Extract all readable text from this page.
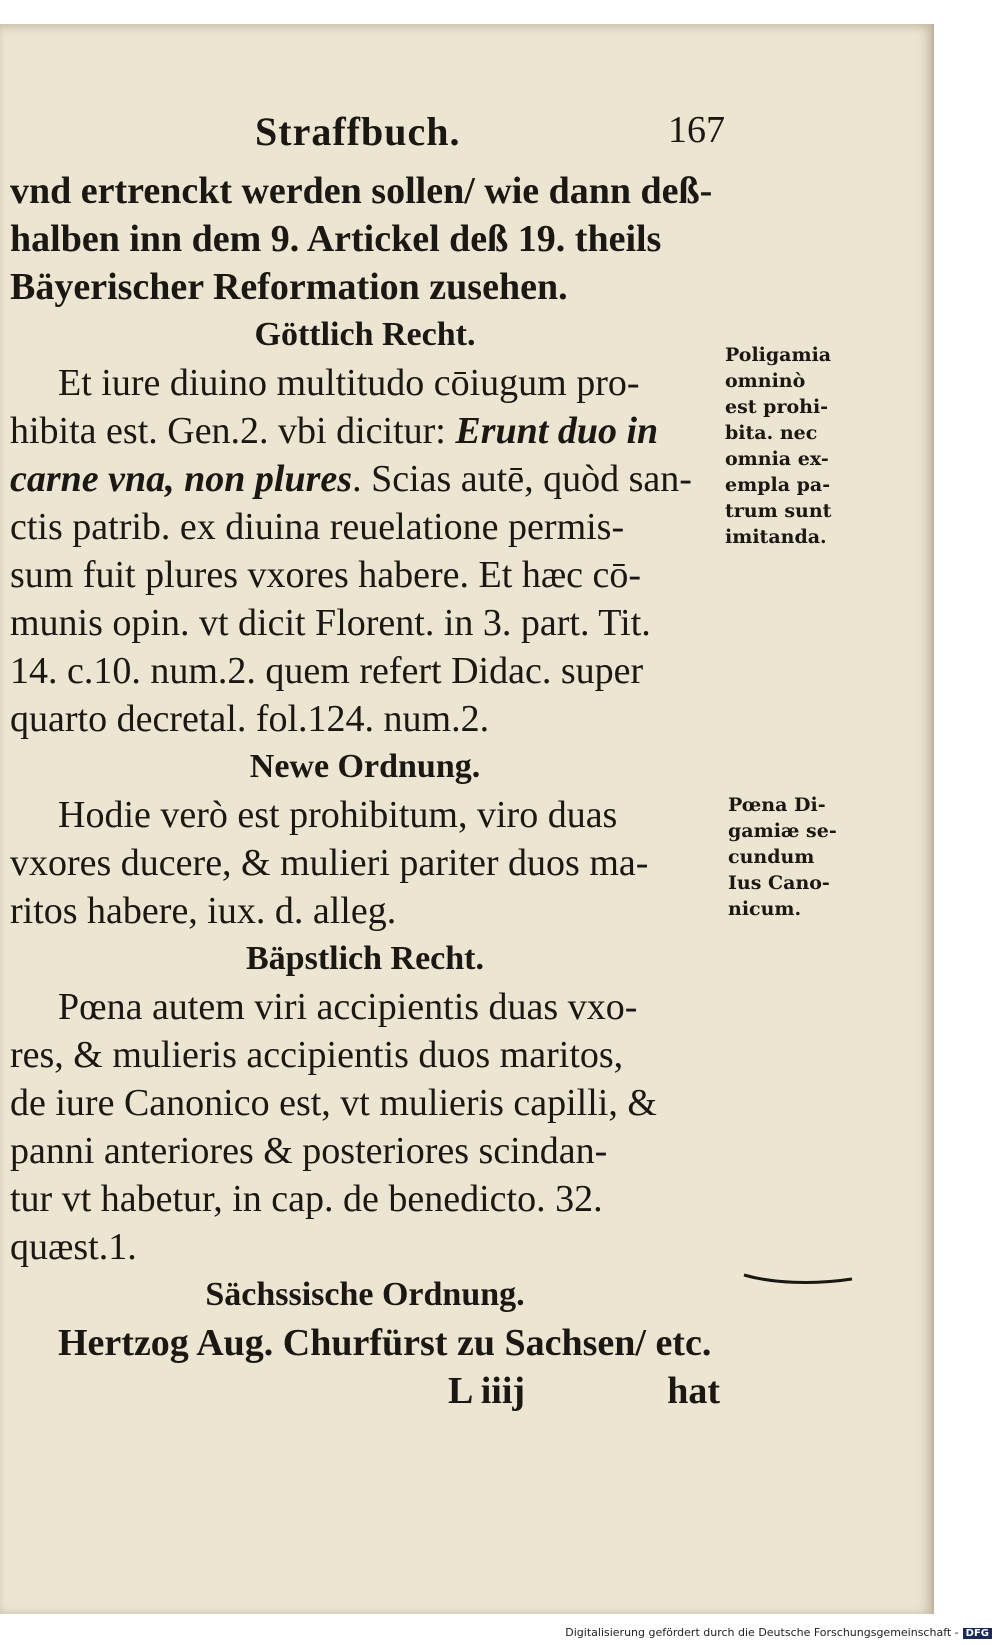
Straffbuch.	167
vnd ertrenckt werden sollen/ wie dann deß-
halben inn dem 9. Artickel deß 19. theils
Bäyerischer Reformation zusehen.
Göttlich Recht.
Et iure diuino multitudo cōiugum pro-
hibita est. Gen.2. vbi dicitur: Erunt duo in
carne vna, non plures. Scias autē, quòd san-
ctis patrib. ex diuina reuelatione permis-
sum fuit plures vxores habere. Et hæc cō-
munis opin. vt dicit Florent. in 3. part. Tit.
14. c.10. num.2. quem refert Didac. super
quarto decretal. fol.124. num.2.
Newe Ordnung.
Hodie verò est prohibitum, viro duas
vxores ducere, & mulieri pariter duos ma-
ritos habere, iux. d. alleg.
Bäpstlich Recht.
Pœna autem viri accipientis duas vxo-
res, & mulieris accipientis duos maritos,
de iure Canonico est, vt mulieris capilli, &
panni anteriores & posteriores scindan-
tur vt habetur, in cap. de benedicto. 32.
quæst.1.
Sächssische Ordnung.
Hertzog Aug. Churfürst zu Sachsen/ etc.
L iiij	hat
Poligamia
omninò
est prohi-
bita. nec
omnia ex-
empla pa-
trum sunt
imitanda.
Pœna Di-
gamiæ se-
cundum
Ius Cano-
nicum.
Digitalisierung gefördert durch die Deutsche Forschungsgemeinschaft - DFG
